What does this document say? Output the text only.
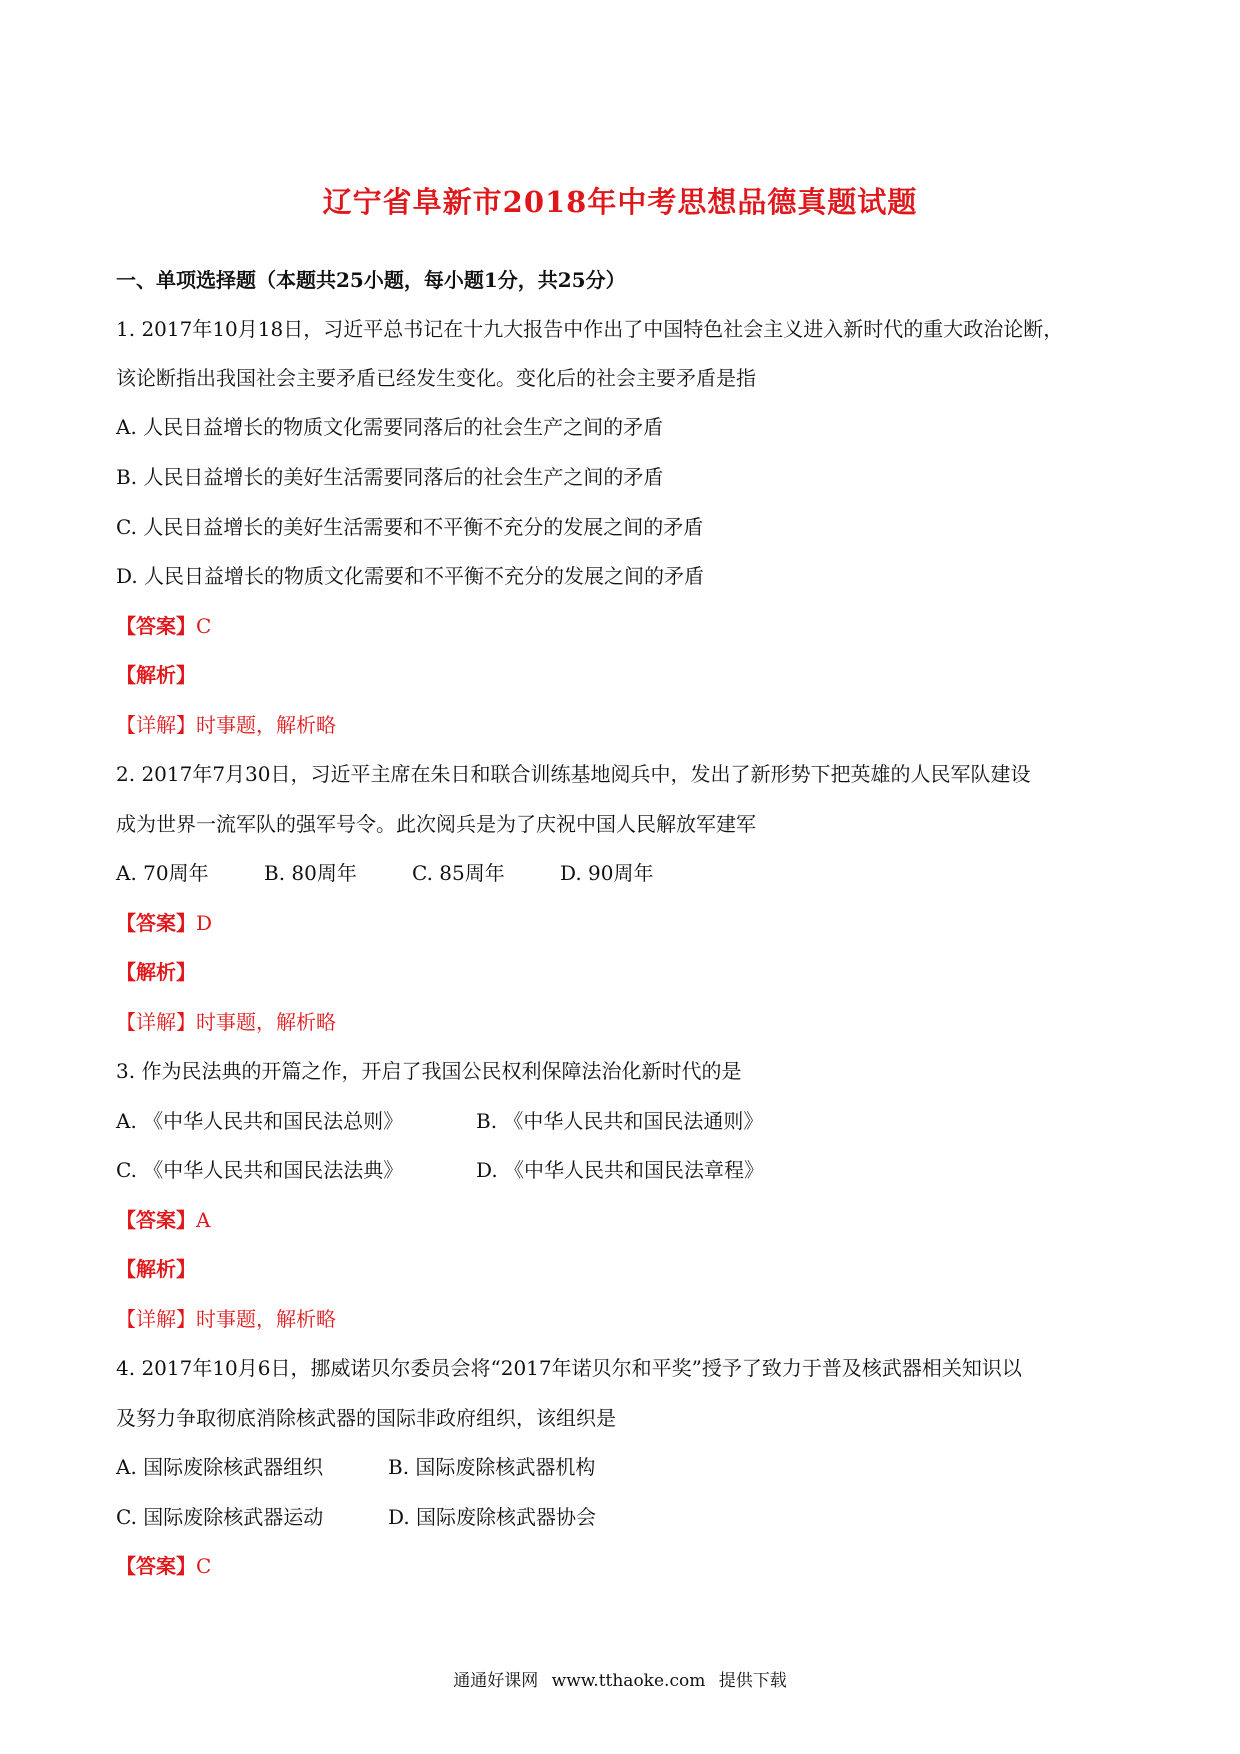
辽宁省阜新市2018年中考思想品德真题试题
一、单项选择题（本题共25小题，每小题1分，共25分）
1. 2017年10月18日，习近平总书记在十九大报告中作出了中国特色社会主义进入新时代的重大政治论断，
该论断指出我国社会主要矛盾已经发生变化。变化后的社会主要矛盾是指
A. 人民日益增长的物质文化需要同落后的社会生产之间的矛盾
B. 人民日益增长的美好生活需要同落后的社会生产之间的矛盾
C. 人民日益增长的美好生活需要和不平衡不充分的发展之间的矛盾
D. 人民日益增长的物质文化需要和不平衡不充分的发展之间的矛盾
【答案】C
【解析】
【详解】时事题，解析略
2. 2017年7月30日，习近平主席在朱日和联合训练基地阅兵中，发出了新形势下把英雄的人民军队建设
成为世界一流军队的强军号令。此次阅兵是为了庆祝中国人民解放军建军
A. 70周年	B. 80周年	C. 85周年	D. 90周年
【答案】D
【解析】
【详解】时事题，解析略
3. 作为民法典的开篇之作，开启了我国公民权利保障法治化新时代的是
A. 《中华人民共和国民法总则》	B. 《中华人民共和国民法通则》
C. 《中华人民共和国民法法典》	D. 《中华人民共和国民法章程》
【答案】A
【解析】
【详解】时事题，解析略
4. 2017年10月6日，挪威诺贝尔委员会将“2017年诺贝尔和平奖”授予了致力于普及核武器相关知识以
及努力争取彻底消除核武器的国际非政府组织，该组织是
A. 国际废除核武器组织	B. 国际废除核武器机构
C. 国际废除核武器运动	D. 国际废除核武器协会
【答案】C
通通好课网 www.tthaoke.com 提供下载
